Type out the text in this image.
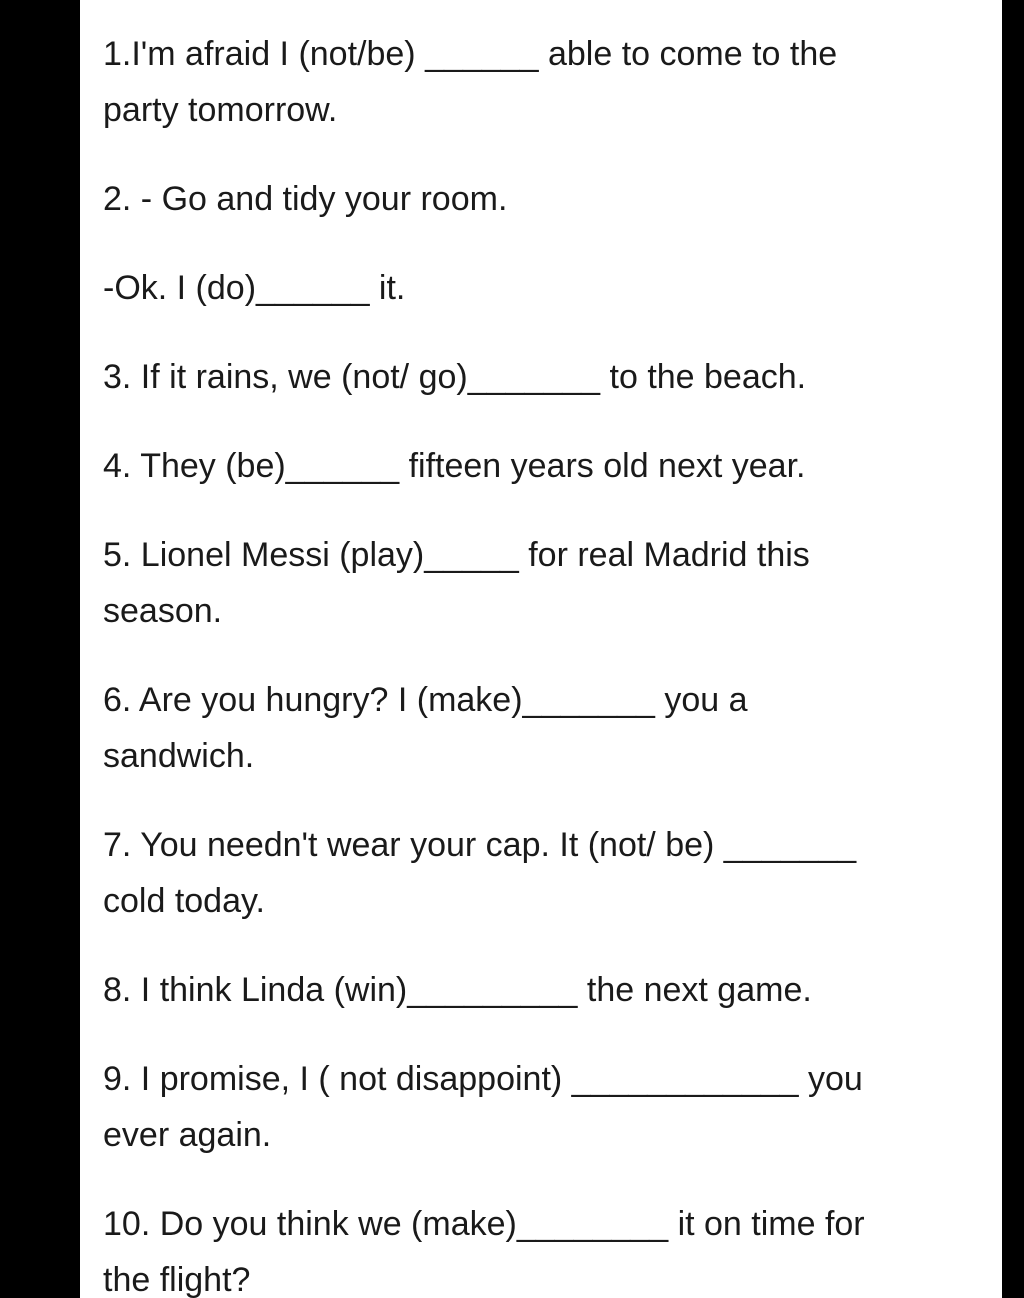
1.I'm afraid I (not/be) ______ able to come to the

party tomorrow.

2. - Go and tidy your room.

-Ok. I (do)______ it.

3. If it rains, we (not/ go)_______ to the beach.

4. They (be)______ fifteen years old next year.

5. Lionel Messi (play)_____ for real Madrid this

season.

6. Are you hungry? I (make)_______ you a

sandwich.

7. You needn't wear your cap. It (not/ be) _______

cold today.

8. I think Linda (win)_________ the next game.

9. I promise, I ( not disappoint) ____________ you

ever again.

10. Do you think we (make)________ it on time for

the flight?
